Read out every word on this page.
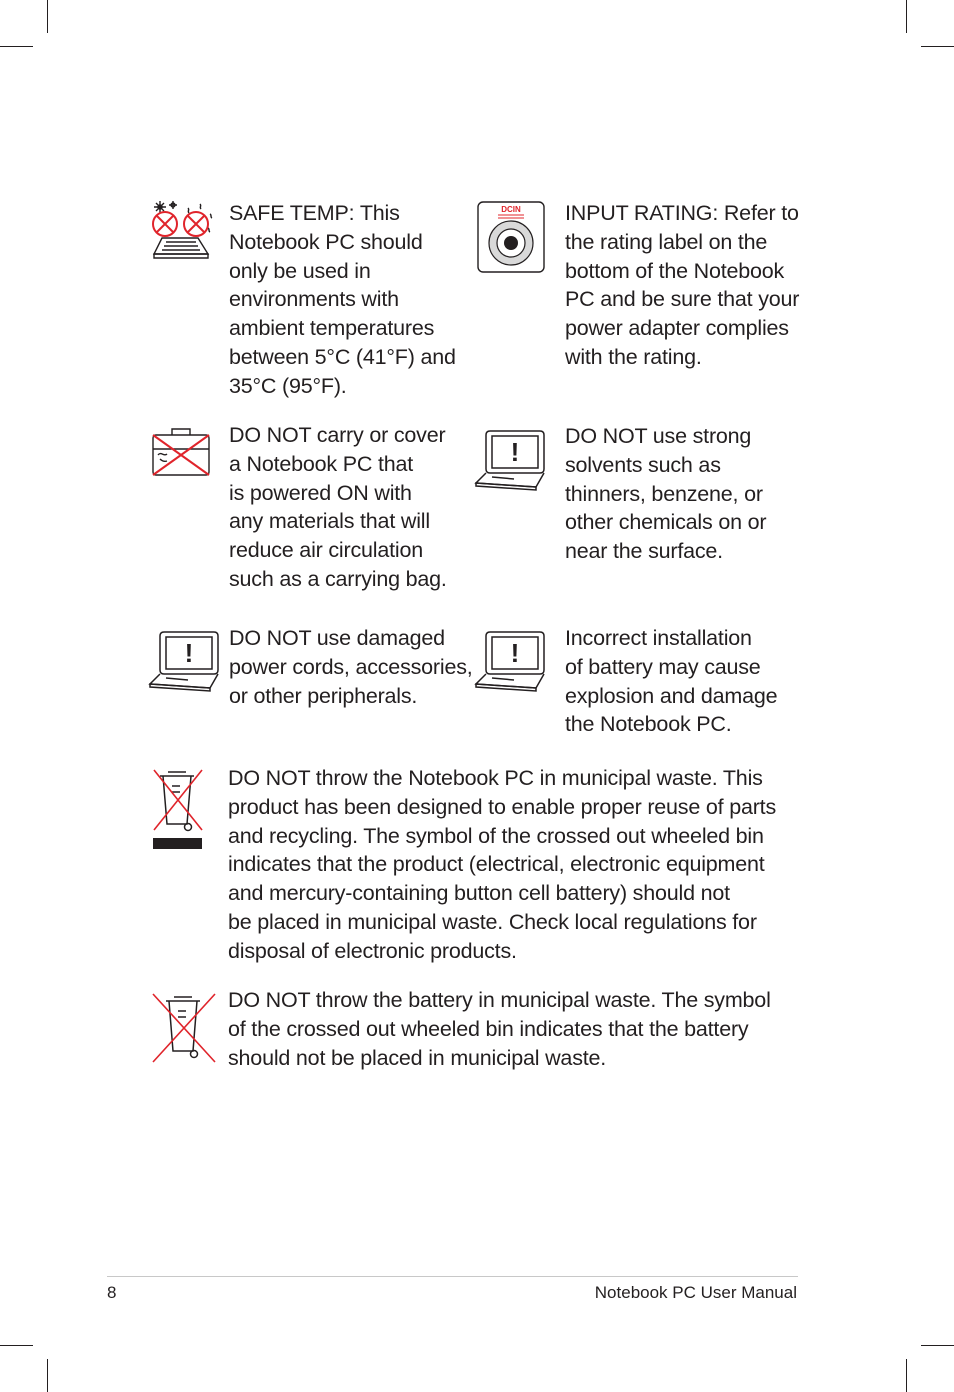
SAFE TEMP: This
Notebook PC should
only be used in
environments with
ambient temperatures
between 5°C (41°F) and
35°C (95°F).

DCIN INPUT RATING: Refer to
the rating label on the
bottom of the Notebook
PC and be sure that your
power adapter complies
with the rating.

DO NOT carry or cover
a Notebook PC that
is powered ON with
any materials that will
reduce air circulation
such as a carrying bag.

!

DO NOT use strong
solvents such as
thinners, benzene, or
other chemicals on or
near the surface.

! DO NOT use damaged
power cords, accessories,
or other peripherals.

! Incorrect installation
of battery may cause
explosion and damage
the Notebook PC.

DO NOT throw the Notebook PC in municipal waste. This
product has been designed to enable proper reuse of parts
and recycling. The symbol of the crossed out wheeled bin
indicates that the product (electrical, electronic equipment
and mercury-containing button cell battery) should not
be placed in municipal waste. Check local regulations for
disposal of electronic products.

DO NOT throw the battery in municipal waste. The symbol
of the crossed out wheeled bin indicates that the battery
should not be placed in municipal waste.

8	Notebook PC User Manual
